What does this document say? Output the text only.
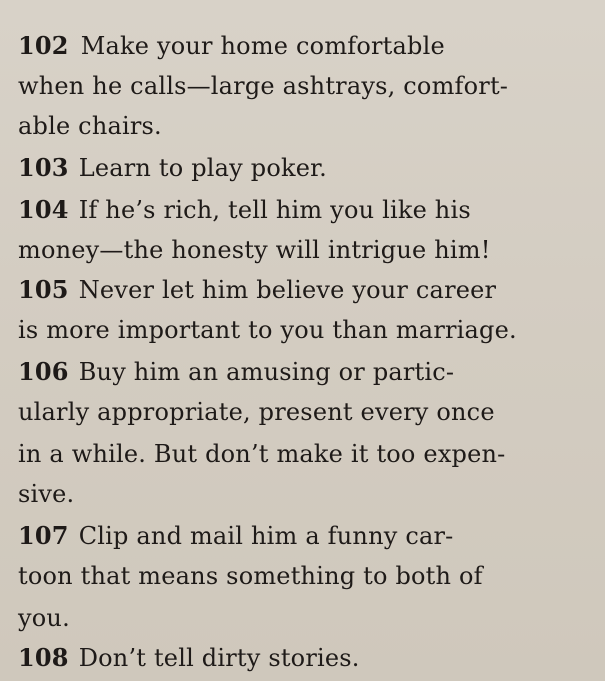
102 Make your home comfortable
when he calls—large ashtrays, comfort-
able chairs.
103 Learn to play poker.
104 If he’s rich, tell him you like his
money—the honesty will intrigue him!
105 Never let him believe your career
is more important to you than marriage.
106 Buy him an amusing or partic-
ularly appropriate, present every once
in a while. But don’t make it too expen-
sive.
107 Clip and mail him a funny car-
toon that means something to both of
you.
108 Don’t tell dirty stories.
